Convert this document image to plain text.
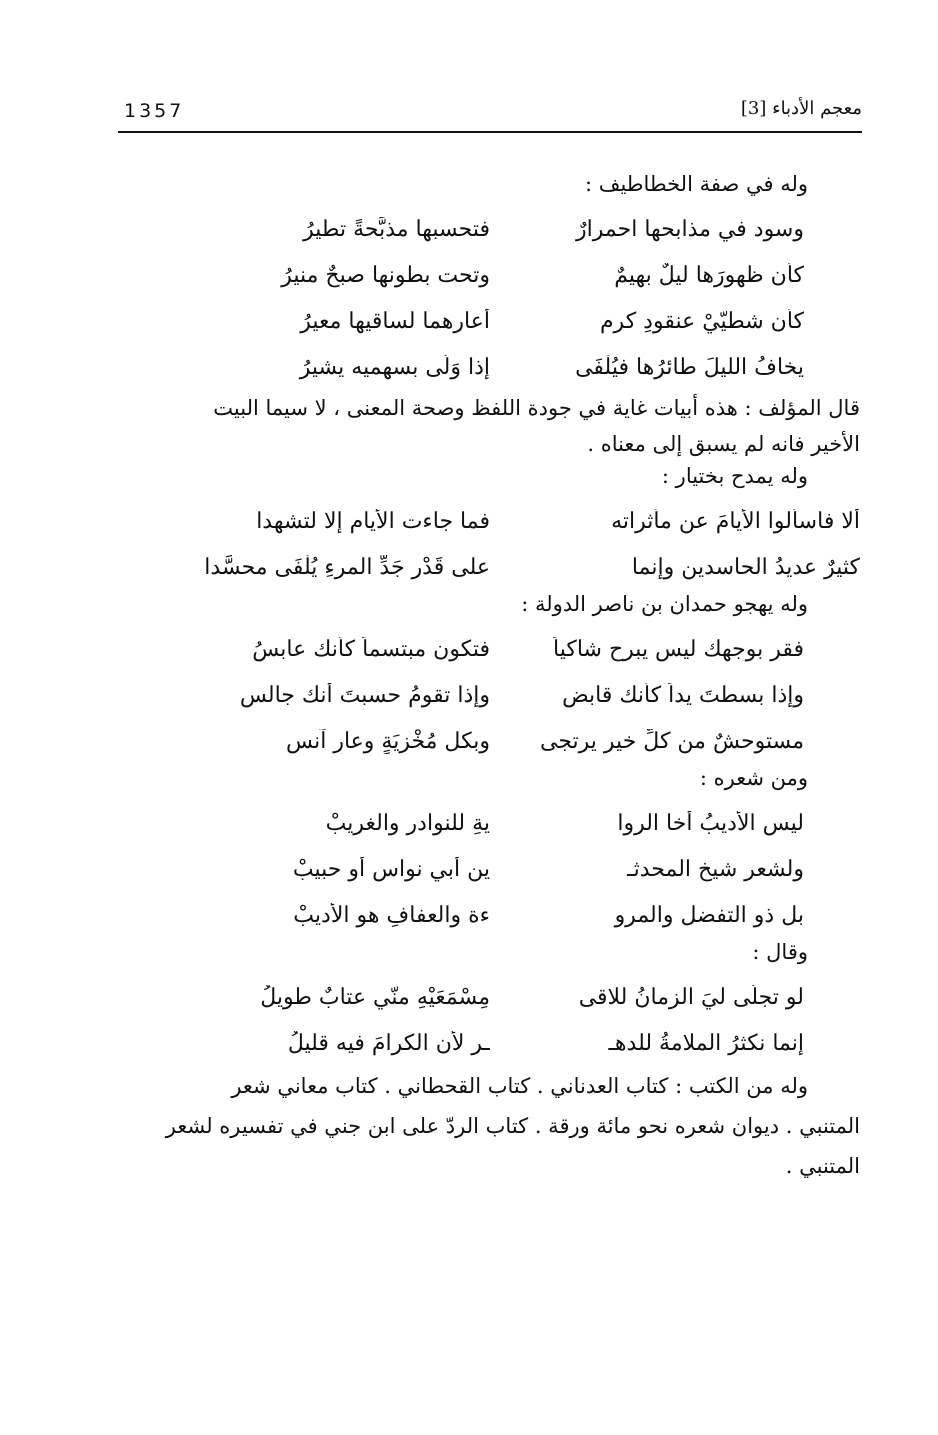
1357	معجم الأدباء [3]
وله في صفة الخطاطيف :
وسود في مذابحها احمرارٌ
فتحسبها مذبَّحةً تطيرُ
كأن ظهورَها ليلٌ بهيمٌ
وتحت بطونها صبحٌ منيرُ
كأن شطيّيْ عنقودِ كرمٍ
أعارهما لساقيها معيرُ
يخافُ الليلَ طائرُها فيُلْفَى
إذا وَلَّى بسهميه يشيرُ
قال المؤلف : هذه أبيات غاية في جودة اللفظ وصحة المعنى ، لا سيما البيت
الأخير فانه لم يسبق إلى معناه .
وله يمدح بختيار :
ألا فاسألوا الأيامَ عن مأثراته
فما جاءت الأيام إلا لتشهدا
كثيرٌ عديدُ الحاسدين وإنما
على قَدْرِ جَدِّ المرءِ يُلْفَى محسَّدا
وله يهجو حمدان بن ناصر الدولة :
فقر بوجهك ليس يبرح شاكياً
فتكون مبتسماً كأنك عابسُ
وإذا بسطتَ يداً كأنك قابض
وإذا تقومُ حسبتَ أنك جالس
مستوحشٌ من كلِّ خير يرتجى
وبكل مُخْزِيَةٍ وعارٍ آنس
ومن شعره :
ليس الأديبُ أخا الروا
يةِ للنوادرِ والغريبْ
ولشعر شيخ المحدثـ
ين أبي نواس أو حبيبْ
بل ذو التفضل والمرو
ءة والعفافِ هو الأديبْ
وقال :
لو تجلَّى ليَ الزمانُ للاقى
مِسْمَعَيْهِ منّي عتابٌ طويلُ
إنما نكثرُ الملامةُ للدهـ
ـر لأن الكرامَ فيه قليلُ
وله من الكتب : كتاب العدناني . كتاب القحطاني . كتاب معاني شعر
المتنبي . ديوان شعره نحو مائة ورقة . كتاب الردّ على ابن جني في تفسيره لشعر
المتنبي .
